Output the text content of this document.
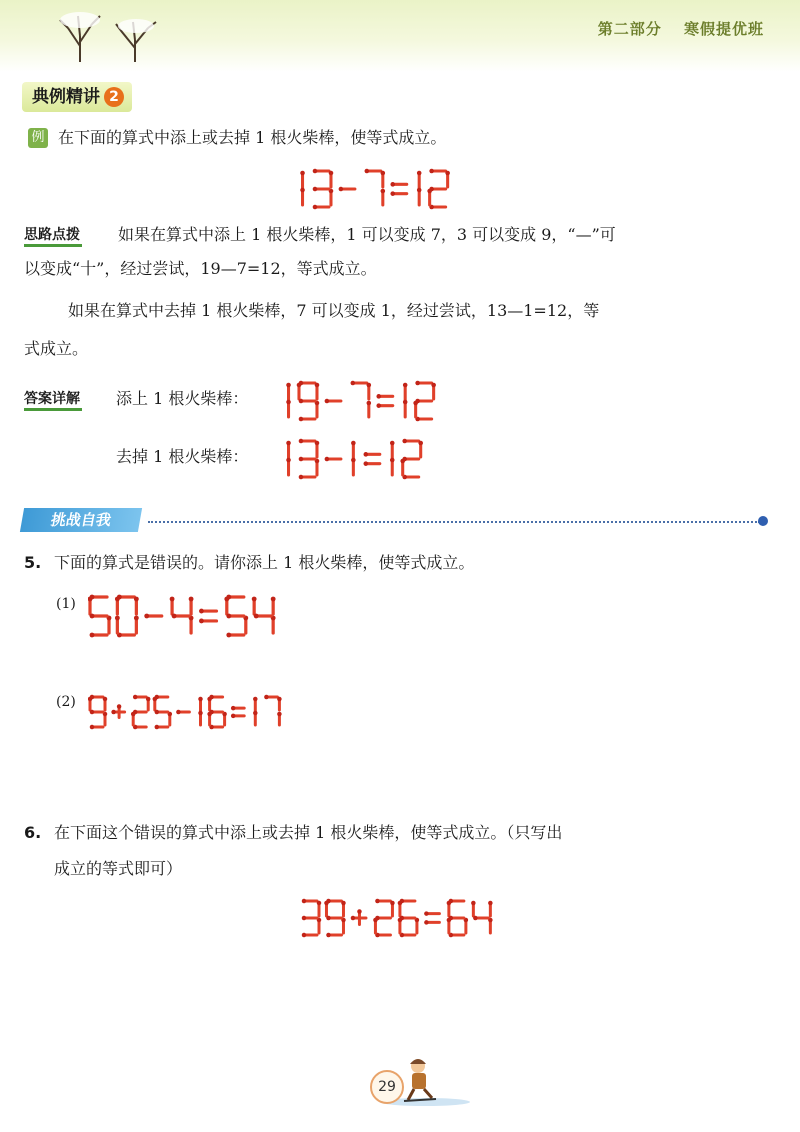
第二部分 寒假提优班
典例精讲 2
例 在下面的算式中添上或去掉 1 根火柴棒，使等式成立。
思路点拨 如果在算式中添上 1 根火柴棒，1 可以变成 7，3 可以变成 9，“—”可
以变成“十”，经过尝试，19—7=12，等式成立。
如果在算式中去掉 1 根火柴棒，7 可以变成 1，经过尝试，13—1=12，等
式成立。
答案详解 添上 1 根火柴棒：
去掉 1 根火柴棒：
挑战自我
5. 下面的算式是错误的。请你添上 1 根火柴棒，使等式成立。
(1)
(2)
6. 在下面这个错误的算式中添上或去掉 1 根火柴棒，使等式成立。（只写出
成立的等式即可）
29
